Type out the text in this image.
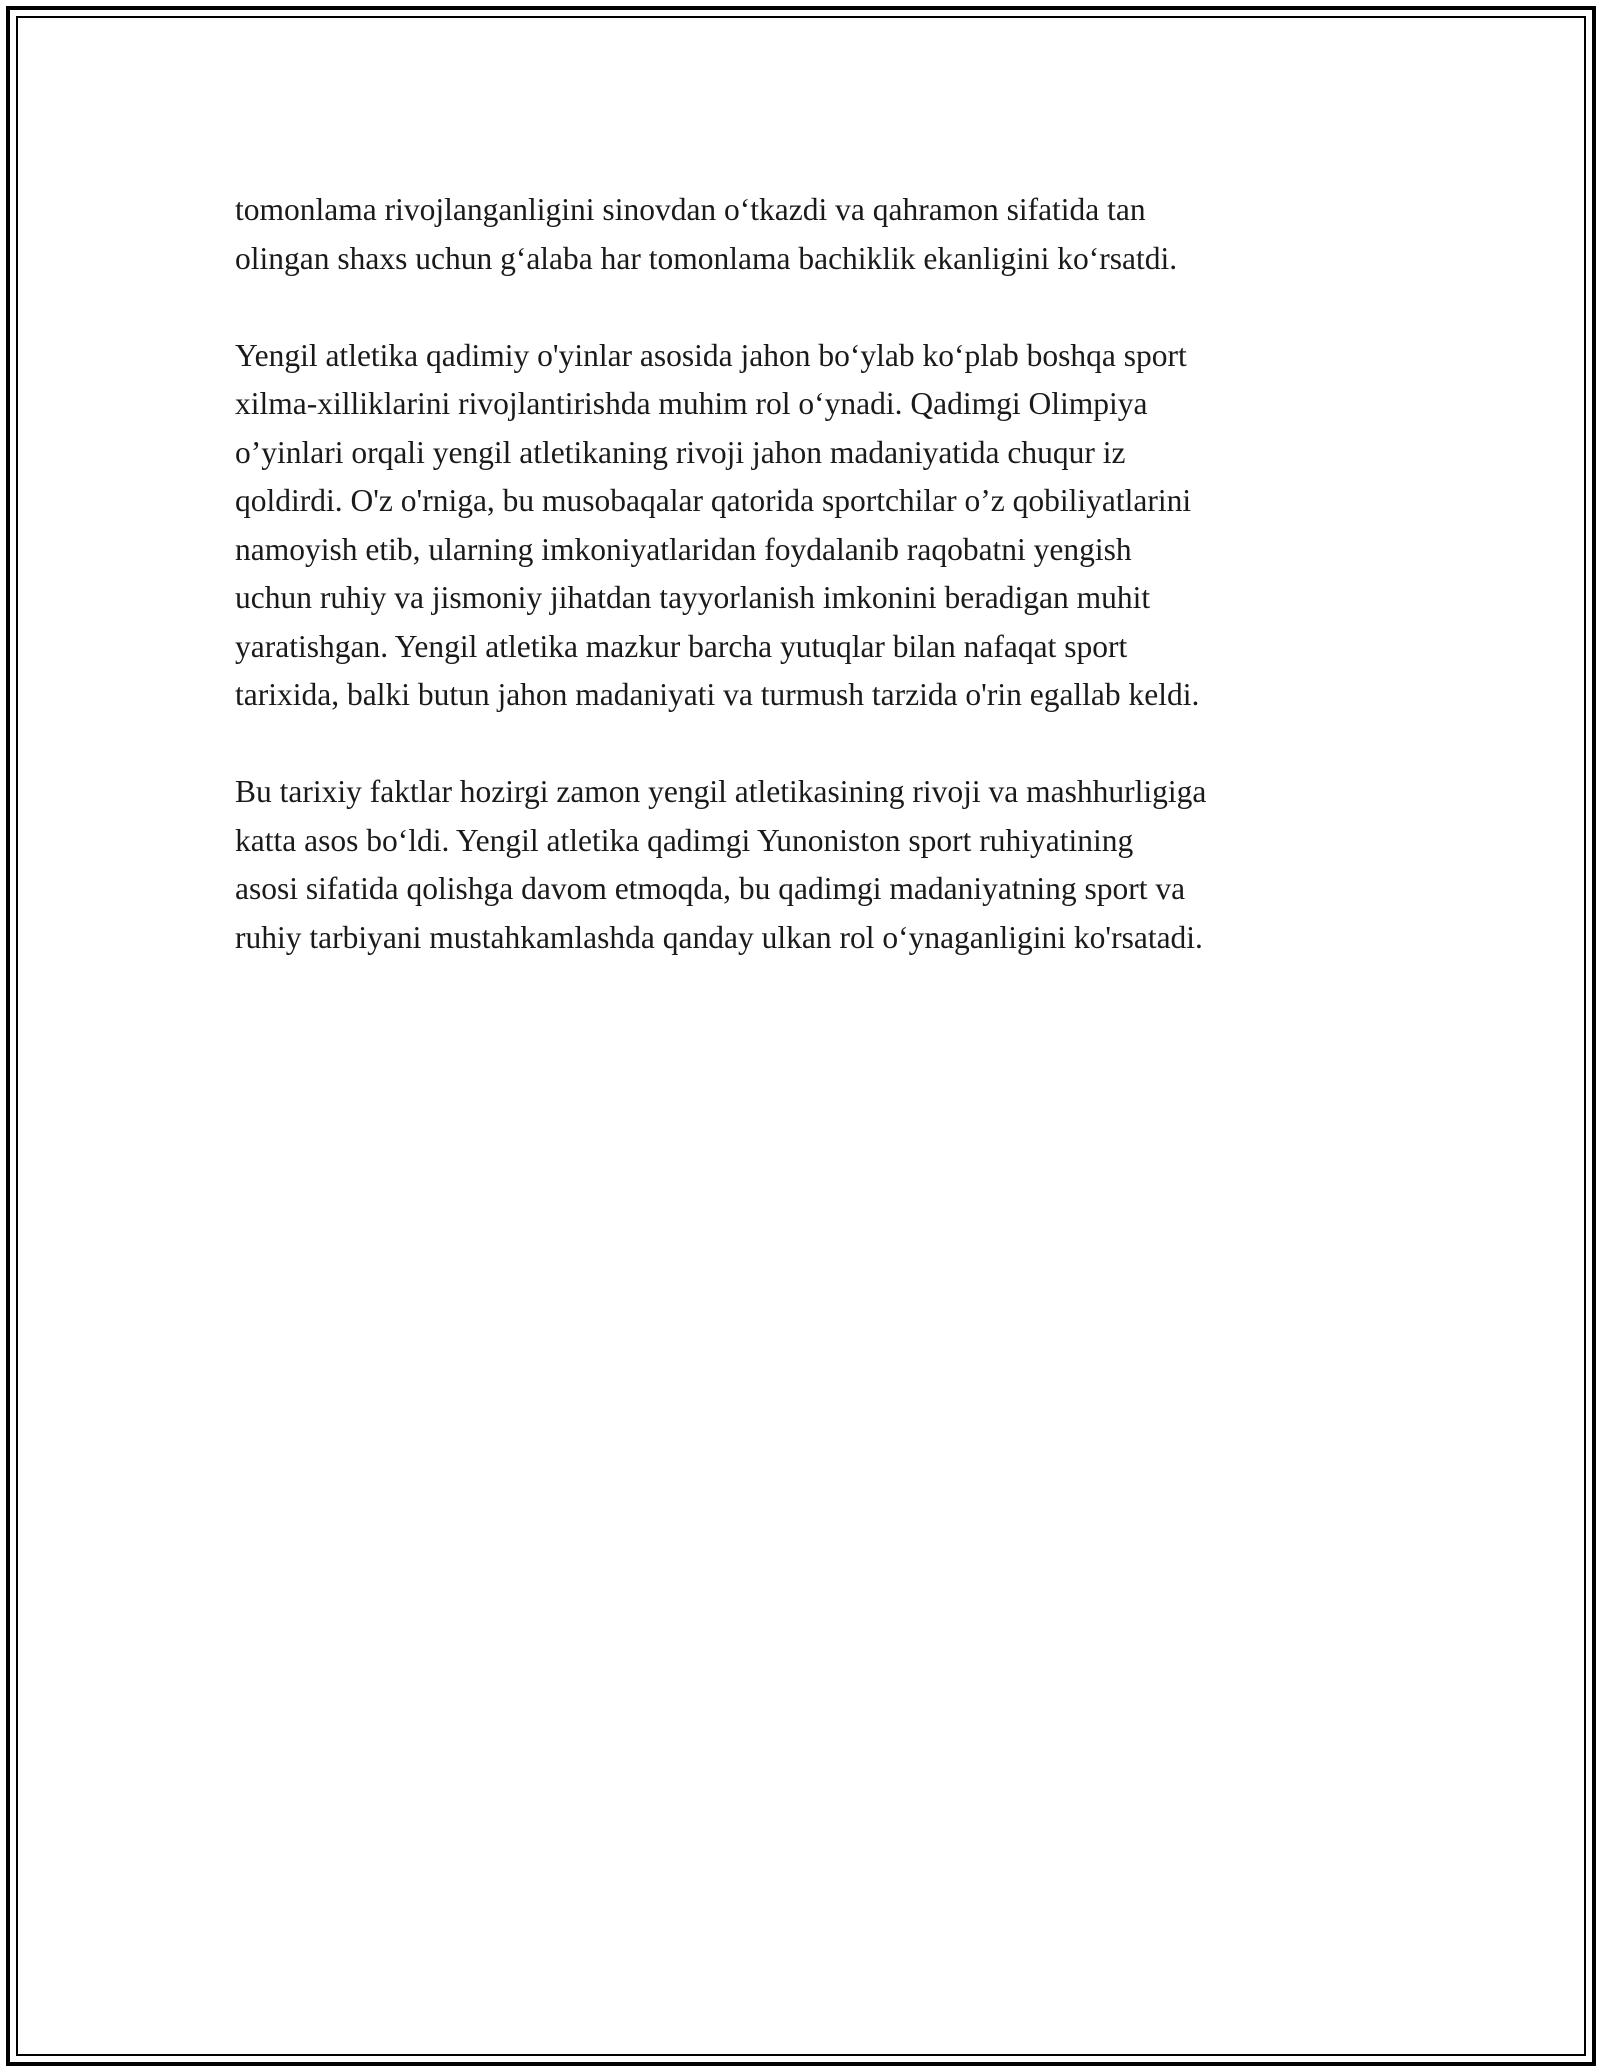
tomonlama rivojlanganligini sinovdan o‘tkazdi va qahramon sifatida tan
olingan shaxs uchun g‘alaba har tomonlama bachiklik ekanligini ko‘rsatdi.

Yengil atletika qadimiy o'yinlar asosida jahon bo‘ylab ko‘plab boshqa sport
xilma-xilliklarini rivojlantirishda muhim rol o‘ynadi. Qadimgi Olimpiya
o’yinlari orqali yengil atletikaning rivoji jahon madaniyatida chuqur iz
qoldirdi. O'z o'rniga, bu musobaqalar qatorida sportchilar o’z qobiliyatlarini
namoyish etib, ularning imkoniyatlaridan foydalanib raqobatni yengish
uchun ruhiy va jismoniy jihatdan tayyorlanish imkonini beradigan muhit
yaratishgan. Yengil atletika mazkur barcha yutuqlar bilan nafaqat sport
tarixida, balki butun jahon madaniyati va turmush tarzida o'rin egallab keldi.

Bu tarixiy faktlar hozirgi zamon yengil atletikasining rivoji va mashhurligiga
katta asos bo‘ldi. Yengil atletika qadimgi Yunoniston sport ruhiyatining
asosi sifatida qolishga davom etmoqda, bu qadimgi madaniyatning sport va
ruhiy tarbiyani mustahkamlashda qanday ulkan rol o‘ynaganligini ko'rsatadi.
